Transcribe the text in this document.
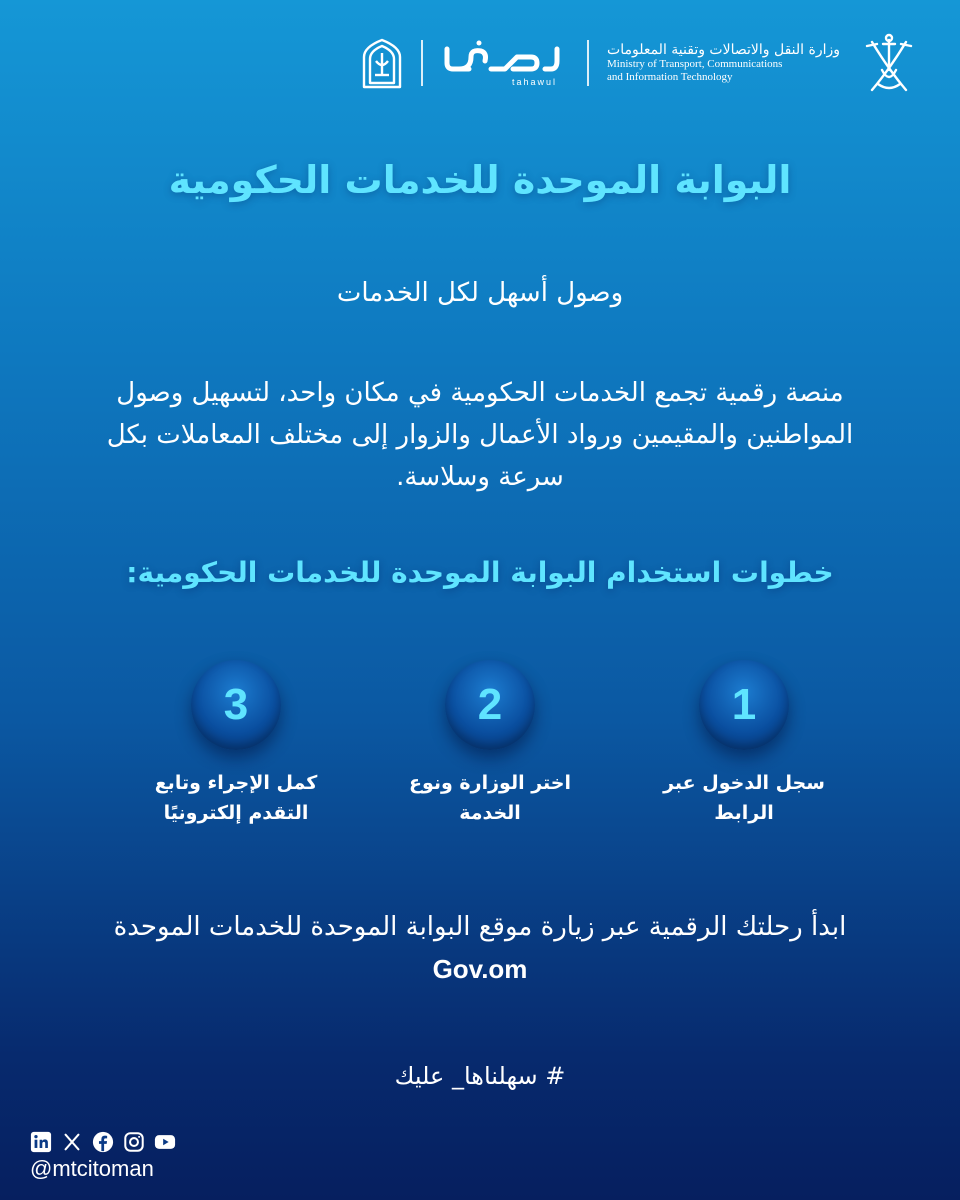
وزارة النقل والاتصالات وتقنية المعلومات
Ministry of Transport, Communications
and Information Technology
tahawul
البوابة الموحدة للخدمات الحكومية
وصول أسهل لكل الخدمات
منصة رقمية تجمع الخدمات الحكومية في مكان واحد، لتسهيل وصول المواطنين والمقيمين ورواد الأعمال والزوار إلى مختلف المعاملات بكل سرعة وسلاسة.
خطوات استخدام البوابة الموحدة للخدمات الحكومية:
1
سجل الدخول عبر الرابط
2
اختر الوزارة ونوع الخدمة
3
كمل الإجراء وتابع التقدم إلكترونيًا
ابدأ رحلتك الرقمية عبر زيارة موقع البوابة الموحدة للخدمات الموحدة Gov.om
# سهلناها_ عليك
@mtcitoman
